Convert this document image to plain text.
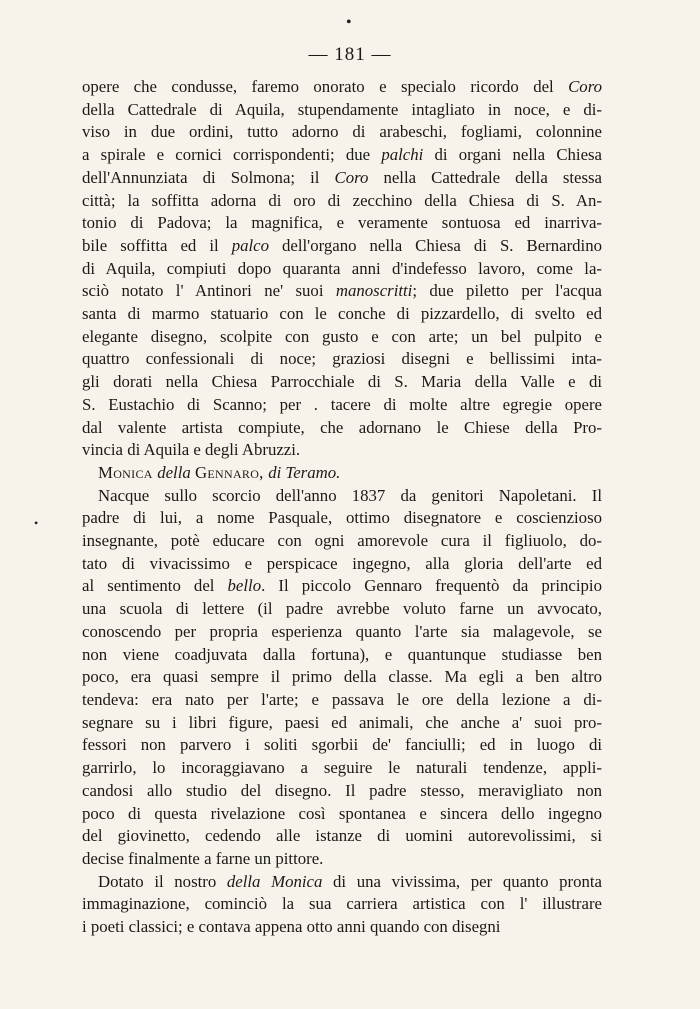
•
•
— 181 —
opere che condusse, faremo onorato e specialo ricordo del Coro
della Cattedrale di Aquila, stupendamente intagliato in noce, e di-
viso in due ordini, tutto adorno di arabeschi, fogliami, colonnine
a spirale e cornici corrispondenti; due palchi di organi nella Chiesa
dell'Annunziata di Solmona; il Coro nella Cattedrale della stessa
città; la soffitta adorna di oro di zecchino della Chiesa di S. An-
tonio di Padova; la magnifica, e veramente sontuosa ed inarriva-
bile soffitta ed il palco dell'organo nella Chiesa di S. Bernardino
di Aquila, compiuti dopo quaranta anni d'indefesso lavoro, come la-
sciò notato l' Antinori ne' suoi manoscritti; due piletto per l'acqua
santa di marmo statuario con le conche di pizzardello, di svelto ed
elegante disegno, scolpite con gusto e con arte; un bel pulpito e
quattro confessionali di noce; graziosi disegni e bellissimi inta-
gli dorati nella Chiesa Parrocchiale di S. Maria della Valle e di
S. Eustachio di Scanno; per . tacere di molte altre egregie opere
dal valente artista compiute, che adornano le Chiese della Pro-
vincia di Aquila e degli Abruzzi.
Monica della Gennaro, di Teramo.
Nacque sullo scorcio dell'anno 1837 da genitori Napoletani. Il
padre di lui, a nome Pasquale, ottimo disegnatore e coscienzioso
insegnante, potè educare con ogni amorevole cura il figliuolo, do-
tato di vivacissimo e perspicace ingegno, alla gloria dell'arte ed
al sentimento del bello. Il piccolo Gennaro frequentò da principio
una scuola di lettere (il padre avrebbe voluto farne un avvocato,
conoscendo per propria esperienza quanto l'arte sia malagevole, se
non viene coadjuvata dalla fortuna), e quantunque studiasse ben
poco, era quasi sempre il primo della classe. Ma egli a ben altro
tendeva: era nato per l'arte; e passava le ore della lezione a di-
segnare su i libri figure, paesi ed animali, che anche a' suoi pro-
fessori non parvero i soliti sgorbii de' fanciulli; ed in luogo di
garrirlo, lo incoraggiavano a seguire le naturali tendenze, appli-
candosi allo studio del disegno. Il padre stesso, meravigliato non
poco di questa rivelazione così spontanea e sincera dello ingegno
del giovinetto, cedendo alle istanze di uomini autorevolissimi, si
decise finalmente a farne un pittore.
Dotato il nostro della Monica di una vivissima, per quanto pronta
immaginazione, cominciò la sua carriera artistica con l' illustrare
i poeti classici; e contava appena otto anni quando con disegni
